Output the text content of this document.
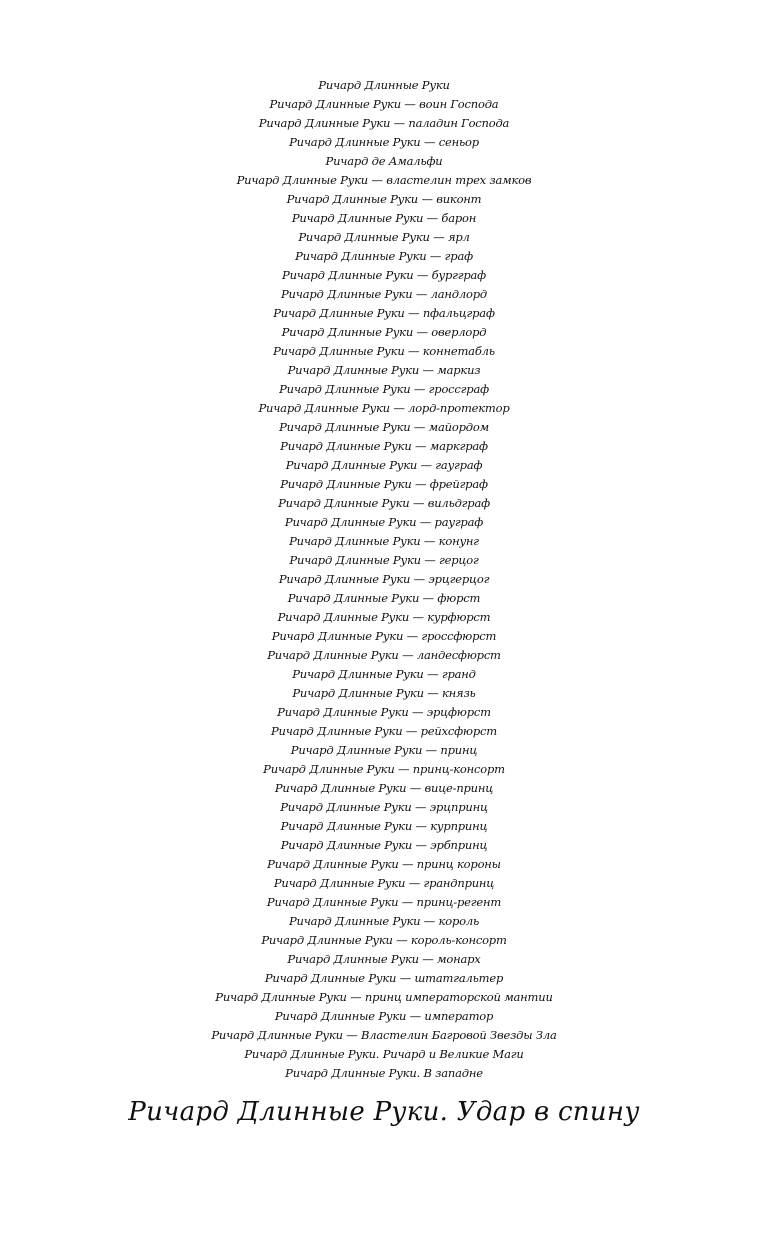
Ричард Длинные Руки
Ричард Длинные Руки — воин Господа
Ричард Длинные Руки — паладин Господа
Ричард Длинные Руки — сеньор
Ричард де Амальфи
Ричард Длинные Руки — властелин трех замков
Ричард Длинные Руки — виконт
Ричард Длинные Руки — барон
Ричард Длинные Руки — ярл
Ричард Длинные Руки — граф
Ричард Длинные Руки — бургграф
Ричард Длинные Руки — ландлорд
Ричард Длинные Руки — пфальцграф
Ричард Длинные Руки — оверлорд
Ричард Длинные Руки — коннетабль
Ричард Длинные Руки — маркиз
Ричард Длинные Руки — гроссграф
Ричард Длинные Руки — лорд-протектор
Ричард Длинные Руки — майордом
Ричард Длинные Руки — маркграф
Ричард Длинные Руки — гауграф
Ричард Длинные Руки — фрейграф
Ричард Длинные Руки — вильдграф
Ричард Длинные Руки — рауграф
Ричард Длинные Руки — конунг
Ричард Длинные Руки — герцог
Ричард Длинные Руки — эрцгерцог
Ричард Длинные Руки — фюрст
Ричард Длинные Руки — курфюрст
Ричард Длинные Руки — гроссфюрст
Ричард Длинные Руки — ландесфюрст
Ричард Длинные Руки — гранд
Ричард Длинные Руки — князь
Ричард Длинные Руки — эрцфюрст
Ричард Длинные Руки — рейхсфюрст
Ричард Длинные Руки — принц
Ричард Длинные Руки — принц-консорт
Ричард Длинные Руки — вице-принц
Ричард Длинные Руки — эрцпринц
Ричард Длинные Руки — курпринц
Ричард Длинные Руки — эрбпринц
Ричард Длинные Руки — принц короны
Ричард Длинные Руки — грандпринц
Ричард Длинные Руки — принц-регент
Ричард Длинные Руки — король
Ричард Длинные Руки — король-консорт
Ричард Длинные Руки — монарх
Ричард Длинные Руки — штатгальтер
Ричард Длинные Руки — принц императорской мантии
Ричард Длинные Руки — император
Ричард Длинные Руки — Властелин Багровой Звезды Зла
Ричард Длинные Руки. Ричард и Великие Маги
Ричард Длинные Руки. В западне
Ричард Длинные Руки. Удар в спину
